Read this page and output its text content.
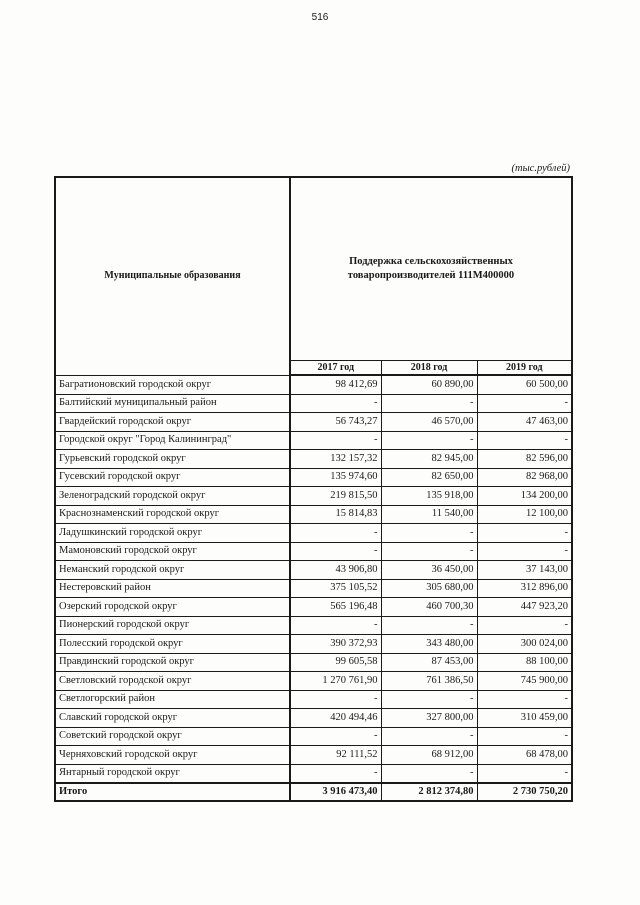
516
(тыс.рублей)
Муниципальные образования	Поддержка сельскохозяйственных товаропроизводителей 111M400000		
	2017 год	2018 год	2019 год
Багратионовский городской округ	98 412,69	60 890,00	60 500,00
Балтийский муниципальный район	-	-	-
Гвардейский городской округ	56 743,27	46 570,00	47 463,00
Городской округ "Город Калининград"	-	-	-
Гурьевский городской округ	132 157,32	82 945,00	82 596,00
Гусевский городской округ	135 974,60	82 650,00	82 968,00
Зеленоградский городской округ	219 815,50	135 918,00	134 200,00
Краснознаменский городской округ	15 814,83	11 540,00	12 100,00
Ладушкинский городской округ	-	-	-
Мамоновский городской округ	-	-	-
Неманский городской округ	43 906,80	36 450,00	37 143,00
Нестеровский район	375 105,52	305 680,00	312 896,00
Озерский городской округ	565 196,48	460 700,30	447 923,20
Пионерский городской округ	-	-	-
Полесский городской округ	390 372,93	343 480,00	300 024,00
Правдинский городской округ	99 605,58	87 453,00	88 100,00
Светловский городской округ	1 270 761,90	761 386,50	745 900,00
Светлогорский район	-	-	-
Славский городской округ	420 494,46	327 800,00	310 459,00
Советский городской округ	-	-	-
Черняховский городской округ	92 111,52	68 912,00	68 478,00
Янтарный городской округ	-	-	-
Итого	3 916 473,40	2 812 374,80	2 730 750,20
